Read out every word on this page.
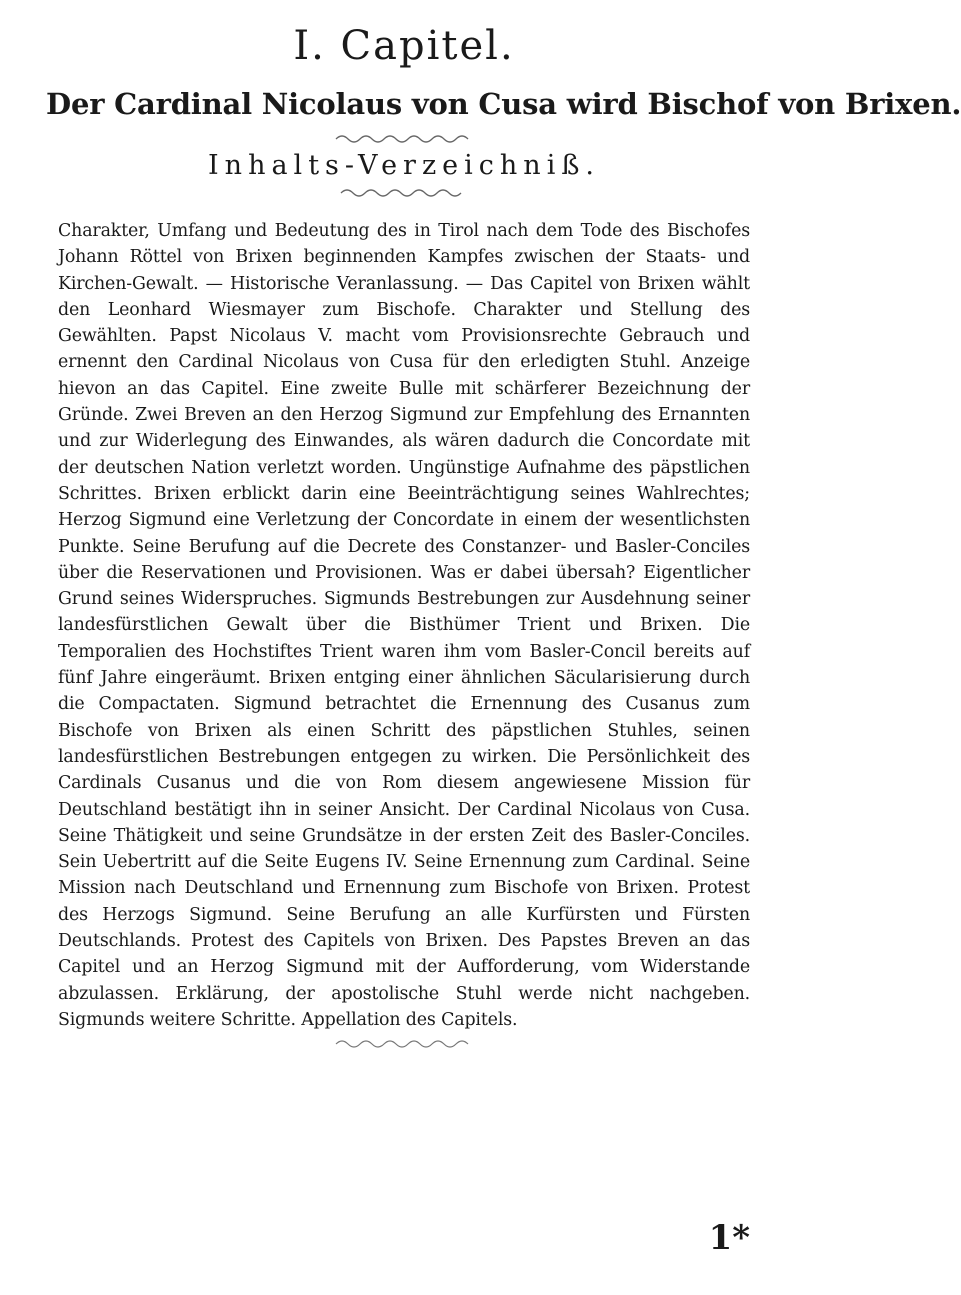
I. Capitel.
Der Cardinal Nicolaus von Cusa wird Bischof von Brixen.
Inhalts-Verzeichniß.

Charakter, Umfang und Bedeutung des in Tirol nach dem Tode des Bischofes Johann Röttel von Brixen beginnenden Kampfes zwischen der Staats- und Kirchen-Gewalt. — Historische Veranlassung. — Das Capitel von Brixen wählt den Leonhard Wiesmayer zum Bischofe. Charakter und Stellung des Gewählten. Papst Nicolaus V. macht vom Provisionsrechte Gebrauch und ernennt den Cardinal Nicolaus von Cusa für den erledigten Stuhl. Anzeige hievon an das Capitel. Eine zweite Bulle mit schärferer Bezeichnung der Gründe. Zwei Breven an den Herzog Sigmund zur Empfehlung des Ernannten und zur Widerlegung des Einwandes, als wären dadurch die Concordate mit der deutschen Nation verletzt worden. Ungünstige Aufnahme des päpstlichen Schrittes. Brixen erblickt darin eine Beeinträchtigung seines Wahlrechtes; Herzog Sigmund eine Verletzung der Concordate in einem der wesentlichsten Punkte. Seine Berufung auf die Decrete des Constanzer- und Basler-Conciles über die Reservationen und Provisionen. Was er dabei übersah? Eigentlicher Grund seines Widerspruches. Sigmunds Bestrebungen zur Ausdehnung seiner landesfürstlichen Gewalt über die Bisthümer Trient und Brixen. Die Temporalien des Hochstiftes Trient waren ihm vom Basler-Concil bereits auf fünf Jahre eingeräumt. Brixen entging einer ähnlichen Säcularisierung durch die Compactaten. Sigmund betrachtet die Ernennung des Cusanus zum Bischofe von Brixen als einen Schritt des päpstlichen Stuhles, seinen landesfürstlichen Bestrebungen entgegen zu wirken. Die Persönlichkeit des Cardinals Cusanus und die von Rom diesem angewiesene Mission für Deutschland bestätigt ihn in seiner Ansicht. Der Cardinal Nicolaus von Cusa. Seine Thätigkeit und seine Grundsätze in der ersten Zeit des Basler-Conciles. Sein Uebertritt auf die Seite Eugens IV. Seine Ernennung zum Cardinal. Seine Mission nach Deutschland und Ernennung zum Bischofe von Brixen. Protest des Herzogs Sigmund. Seine Berufung an alle Kurfürsten und Fürsten Deutschlands. Protest des Capitels von Brixen. Des Papstes Breven an das Capitel und an Herzog Sigmund mit der Aufforderung, vom Widerstande abzulassen. Erklärung, der apostolische Stuhl werde nicht nachgeben. Sigmunds weitere Schritte. Appellation des Capitels.

1*
